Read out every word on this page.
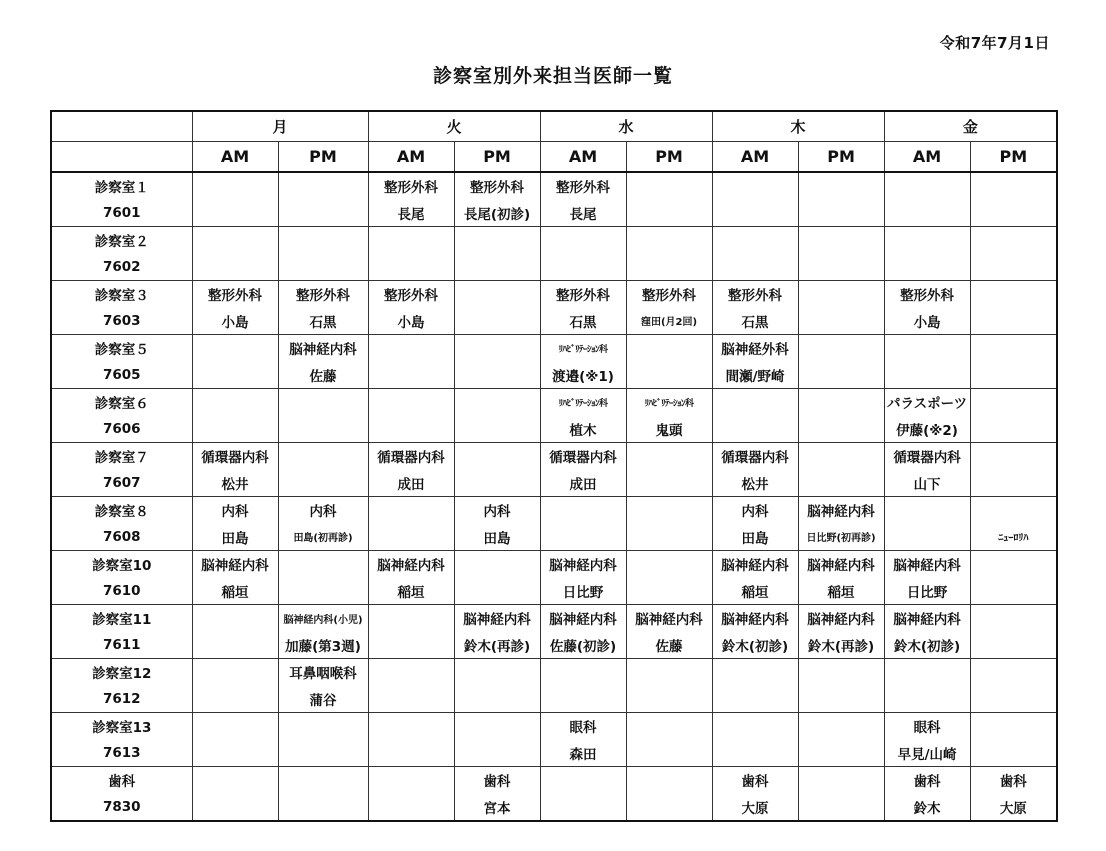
令和7年7月1日
診察室別外来担当医師一覧
	月		火		水		木		金	
	AM	PM	AM	PM	AM	PM	AM	PM	AM	PM
診察室１			整形外科	整形外科	整形外科					
7601			長尾	長尾(初診)	長尾					
診察室２										
7602										
診察室３	整形外科	整形外科	整形外科		整形外科	整形外科	整形外科		整形外科	
7603	小島	石黒	小島		石黒	窪田(月2回)	石黒		小島	
診察室５		脳神経内科			ﾘﾊﾋﾞﾘﾃｰｼｮﾝ科		脳神経外科			
7605		佐藤			渡邉(※1)		間瀬/野崎			
診察室６					ﾘﾊﾋﾞﾘﾃｰｼｮﾝ科	ﾘﾊﾋﾞﾘﾃｰｼｮﾝ科			パラスポーツ	
7606					植木	鬼頭			伊藤(※2)	
診察室７	循環器内科		循環器内科		循環器内科		循環器内科		循環器内科	
7607	松井		成田		成田		松井		山下	
診察室８	内科	内科		内科			内科	脳神経内科		
7608	田島	田島(初再診)		田島			田島	日比野(初再診)		ﾆｭｰﾛﾘﾊ
診察室10	脳神経内科		脳神経内科		脳神経内科		脳神経内科	脳神経内科	脳神経内科	
7610	稲垣		稲垣		日比野		稲垣	稲垣	日比野	
診察室11		脳神経内科(小児)		脳神経内科	脳神経内科	脳神経内科	脳神経内科	脳神経内科	脳神経内科	
7611		加藤(第3週)		鈴木(再診)	佐藤(初診)	佐藤	鈴木(初診)	鈴木(再診)	鈴木(初診)	
診察室12		耳鼻咽喉科								
7612		蒲谷								
診察室13					眼科				眼科	
7613					森田				早見/山崎	
歯科				歯科			歯科		歯科	歯科
7830				宮本			大原		鈴木	大原
